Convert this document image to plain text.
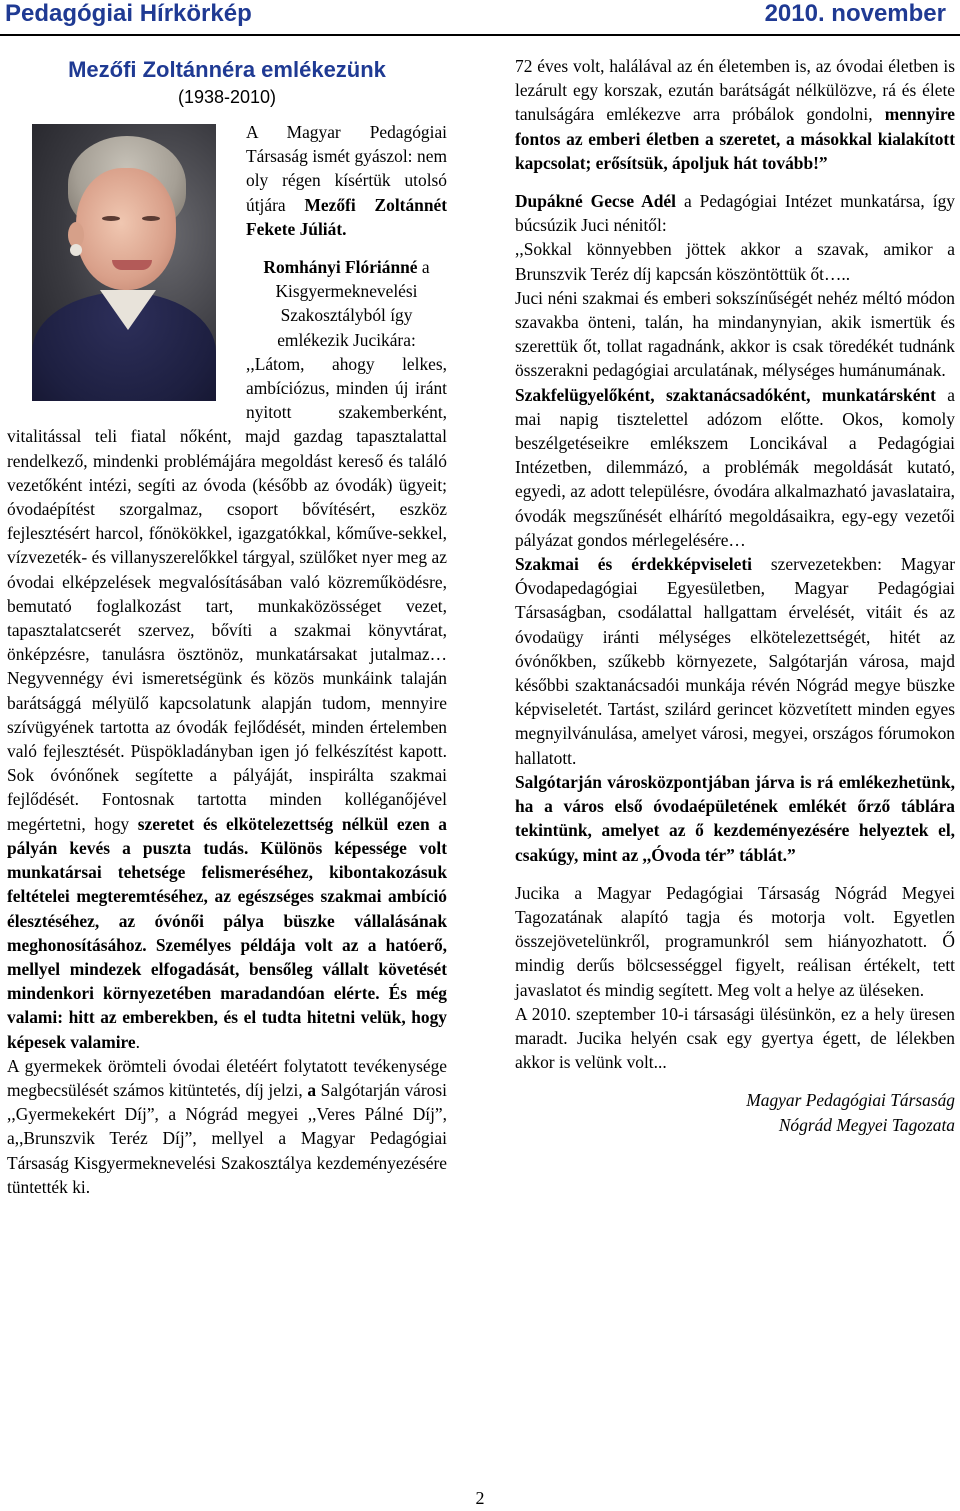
Pedagógiai Hírkörkép	2010. november
Mezőfi Zoltánnéra emlékezünk
(1938-2010)

A Magyar Pedagógiai Társaság ismét gyászol: nem oly régen kísértük utolsó útjára Mezőfi Zoltánnét Fekete Júliát.

Romhányi Flóriánné a Kisgyermeknevelési Szakosztályból így emlékezik Jucikára:

,,Látom, ahogy lelkes, ambíciózus, minden új iránt nyitott szakemberként, vitalitással teli fiatal nőként, majd gazdag tapasztalattal rendelkező, mindenki problémájára megoldást kereső és találó vezetőként intézi, segíti az óvoda (később az óvodák) ügyeit; óvodaépítést szorgalmaz, csoport bővítésért, eszköz fejlesztésért harcol, főnökökkel, igazgatókkal, kőműve-sekkel, vízvezeték- és villanyszerelőkkel tárgyal, szülőket nyer meg az óvodai elképzelések megvalósításában való közreműködésre, bemutató foglalkozást tart, munkaközösséget vezet, tapasztalatcserét szervez, bővíti a szakmai könyvtárat, önképzésre, tanulásra ösztönöz, munkatársakat jutalmaz… Negyvennégy évi ismeretségünk és közös munkáink talaján barátsággá mélyülő kapcsolatunk alapján tudom, mennyire szívügyének tartotta az óvodák fejlődését, minden értelemben való fejlesztését. Püspökladányban igen jó felkészítést kapott. Sok óvónőnek segítette a pályáját, inspirálta szakmai fejlődését. Fontosnak tartotta minden kolléganőjével megértetni, hogy szeretet és elkötelezettség nélkül ezen a pályán kevés a puszta tudás. Különös képessége volt munkatársai tehetsége felismeréséhez, kibontakozásuk feltételei megteremtéséhez, az egészséges szakmai ambíció élesztéséhez, az óvónői pálya büszke vállalásának meghonosításához. Személyes példája volt az a hatóerő, mellyel mindezek elfogadását, bensőleg vállalt követését mindenkori környezetében maradandóan elérte. És még valami: hitt az emberekben, és el tudta hitetni velük, hogy képesek valamire.

A gyermekek örömteli óvodai életéért folytatott tevékenysége megbecsülését számos kitüntetés, díj jelzi, a Salgótarján városi ,,Gyermekekért Díj”, a Nógrád megyei ,,Veres Pálné Díj”, a,,Brunszvik Teréz Díj”, mellyel a Magyar Pedagógiai Társaság Kisgyermeknevelési Szakosztálya kezdeményezésére tüntették ki.

72 éves volt, halálával az én életemben is, az óvodai életben is lezárult egy korszak, ezután barátságát nélkülözve, rá és élete tanulságára emlékezve arra próbálok gondolni, mennyire fontos az emberi életben a szeretet, a másokkal kialakított kapcsolat; erősítsük, ápoljuk hát tovább!”

Dupákné Gecse Adél a Pedagógiai Intézet munkatársa, így búcsúzik Juci nénitől:

,,Sokkal könnyebben jöttek akkor a szavak, amikor a Brunszvik Teréz díj kapcsán köszöntöttük őt…..

Juci néni szakmai és emberi sokszínűségét nehéz méltó módon szavakba önteni, talán, ha mindanynyian, akik ismertük és szerettük őt, tollat ragadnánk, akkor is csak töredékét tudnánk összerakni pedagógiai arculatának, mélységes humánumának.

Szakfelügyelőként, szaktanácsadóként, munkatársként a mai napig tisztelettel adózom előtte. Okos, komoly beszélgetéseikre emlékszem Loncikával a Pedagógiai Intézetben, dilemmázó, a problémák megoldását kutató, egyedi, az adott településre, óvodára alkalmazható javaslataira, óvodák megszűnését elhárító megoldásaikra, egy-egy vezetői pályázat gondos mérlegelésére…

Szakmai és érdekképviseleti szervezetekben: Magyar Óvodapedagógiai Egyesületben, Magyar Pedagógiai Társaságban, csodálattal hallgattam érvelését, vitáit és az óvodaügy iránti mélységes elkötelezettségét, hitét az óvónőkben, szűkebb környezete, Salgótarján városa, majd későbbi szaktanácsadói munkája révén Nógrád megye büszke képviseletét. Tartást, szilárd gerincet közvetített minden egyes megnyilvánulása, amelyet városi, megyei, országos fórumokon hallatott.

Salgótarján városközpontjában járva is rá emlékezhetünk, ha a város első óvodaépületének emlékét őrző táblára tekintünk, amelyet az ő kezdeményezésére helyeztek el, csakúgy, mint az ,,Óvoda tér” táblát.”

Jucika a Magyar Pedagógiai Társaság Nógrád Megyei Tagozatának alapító tagja és motorja volt. Egyetlen összejövetelünkről, programunkról sem hiányozhatott. Ő mindig derűs bölcsességgel figyelt, reálisan értékelt, tett javaslatot és mindig segített. Meg volt a helye az üléseken.

A 2010. szeptember 10-i társasági ülésünkön, ez a hely üresen maradt. Jucika helyén csak egy gyertya égett, de lélekben akkor is velünk volt...

Magyar Pedagógiai Társaság

Nógrád Megyei Tagozata

2
